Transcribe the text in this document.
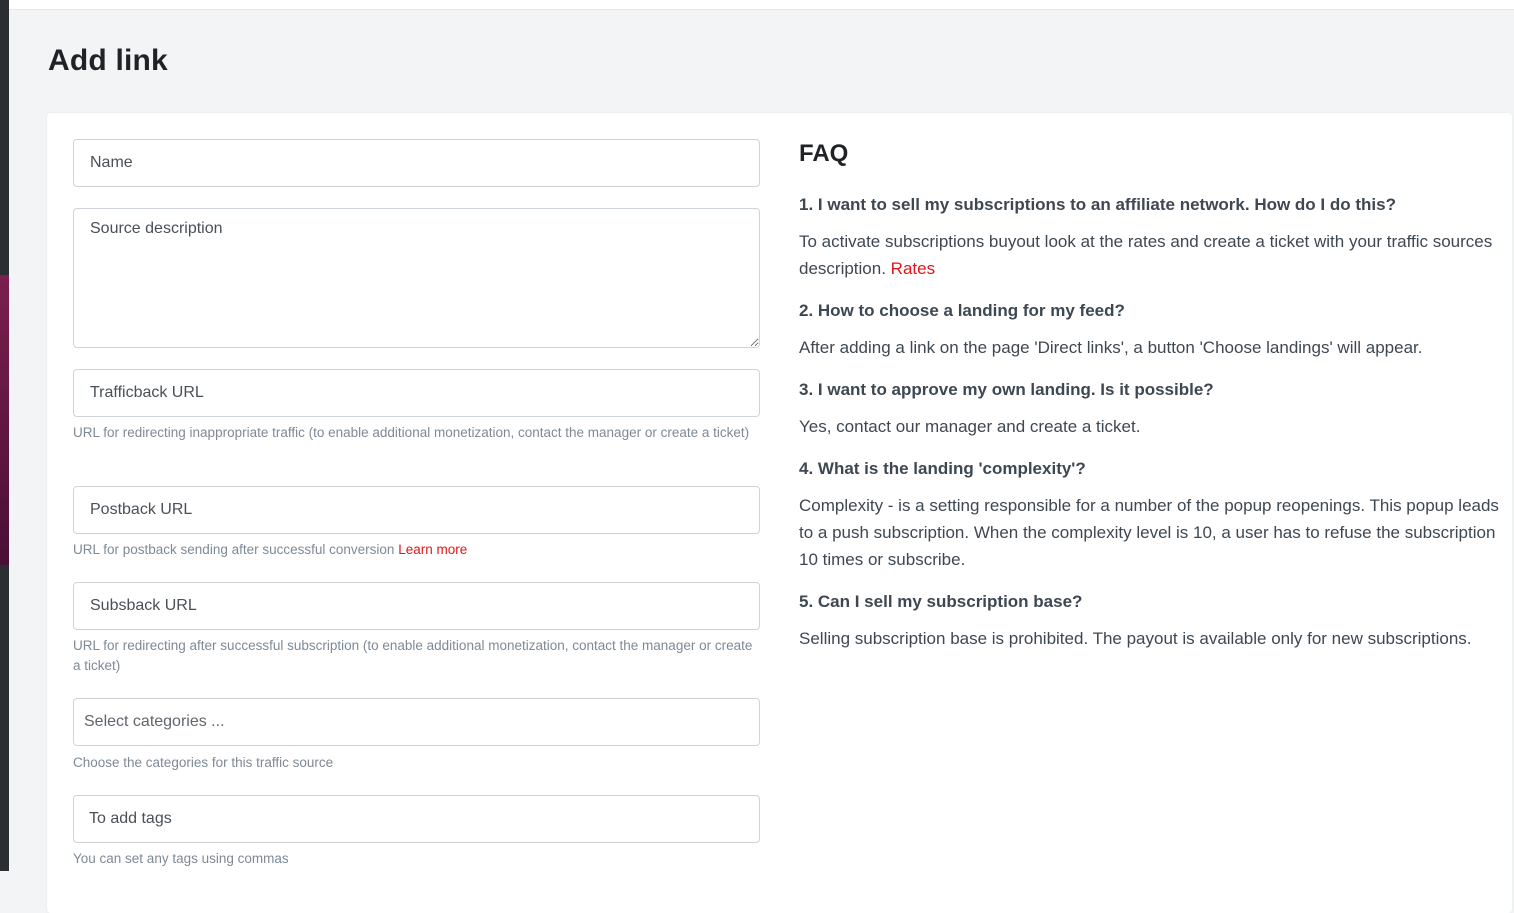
Add link
Name
Source description
Trafficback URL

URL for redirecting inappropriate traffic (to enable additional monetization, contact the manager or create a ticket)

Postback URL

URL for postback sending after successful conversion Learn more

Subsback URL

URL for redirecting after successful subscription (to enable additional monetization, contact the manager or create a ticket)

Select categories ...

Choose the categories for this traffic source

To add tags

You can set any tags using commas

FAQ

1. I want to sell my subscriptions to an affiliate network. How do I do this?

To activate subscriptions buyout look at the rates and create a ticket with your traffic sources description. Rates

2. How to choose a landing for my feed?

After adding a link on the page 'Direct links', a button 'Choose landings' will appear.

3. I want to approve my own landing. Is it possible?

Yes, contact our manager and create a ticket.

4. What is the landing 'complexity'?

Complexity - is a setting responsible for a number of the popup reopenings. This popup leads to a push subscription. When the complexity level is 10, a user has to refuse the subscription 10 times or subscribe.

5. Can I sell my subscription base?

Selling subscription base is prohibited. The payout is available only for new subscriptions.
